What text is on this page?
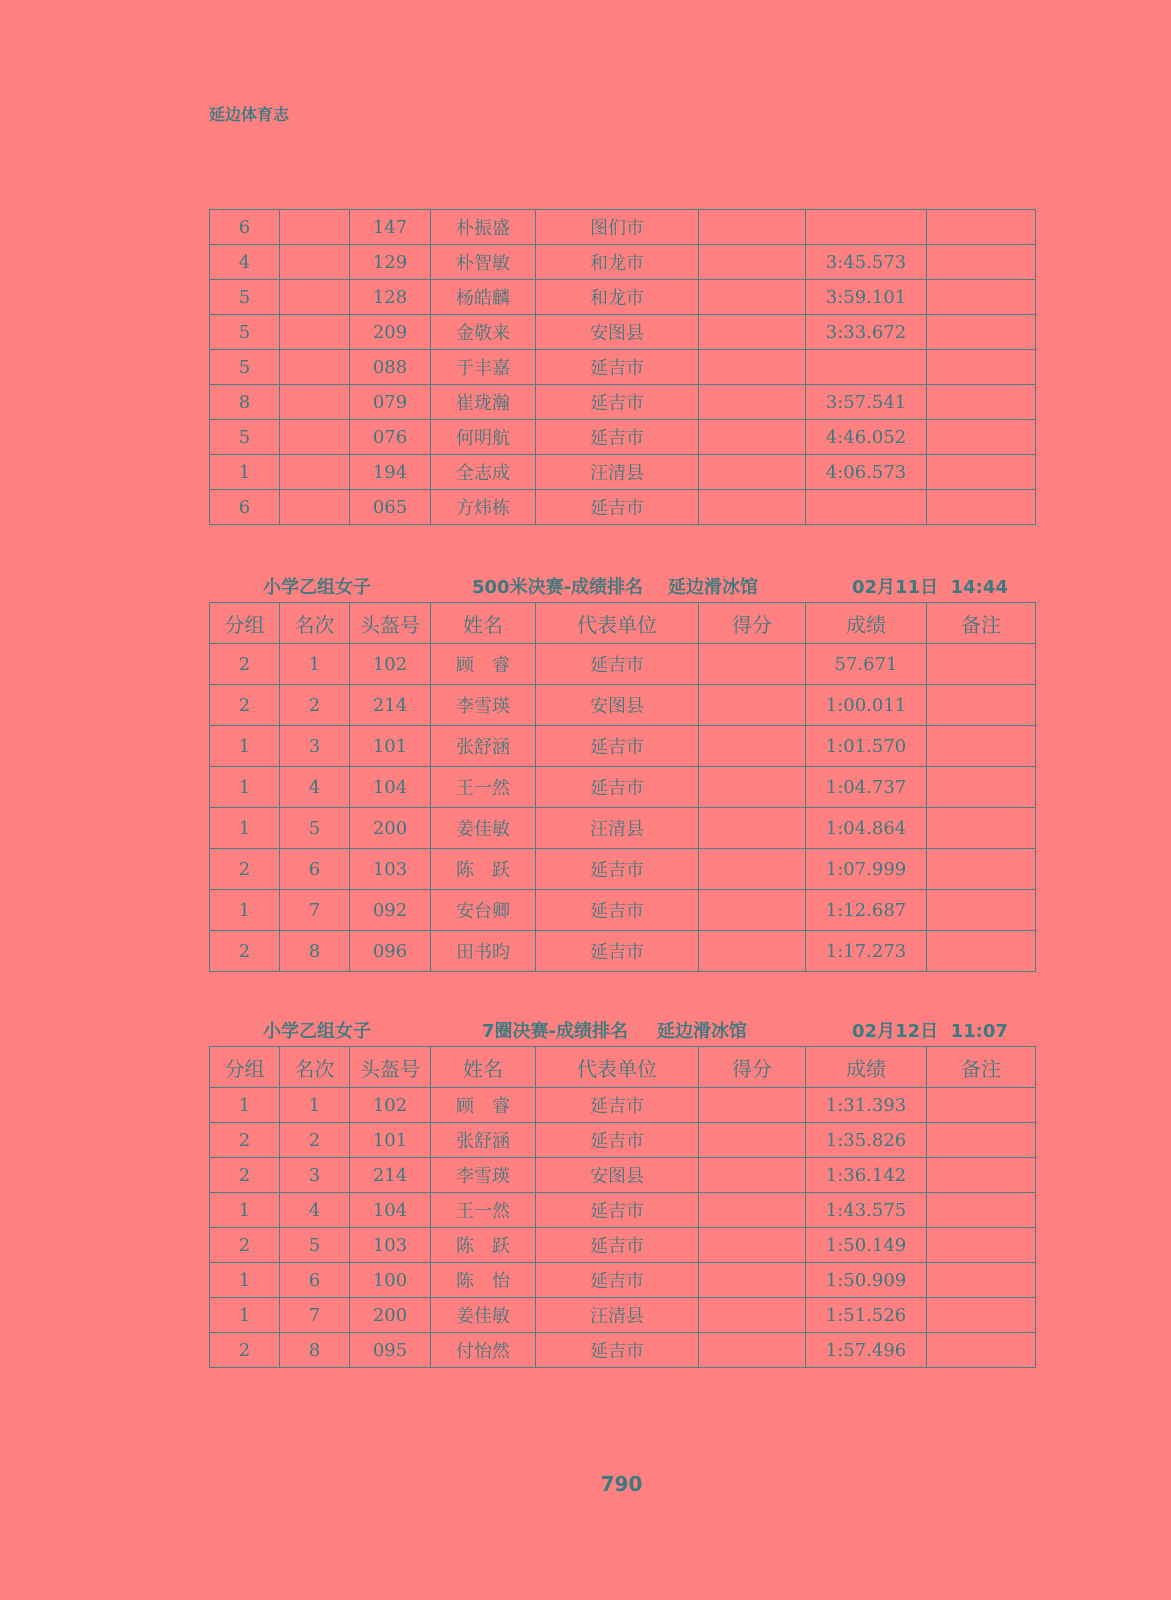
延边体育志
6		147	朴振盛	图们市			
4		129	朴智敏	和龙市		3:45.573	
5		128	杨皓麟	和龙市		3:59.101	
5		209	金敬来	安图县		3:33.672	
5		088	于丰嘉	延吉市			
8		079	崔珑瀚	延吉市		3:57.541	
5		076	何明航	延吉市		4:46.052	
1		194	全志成	汪清县		4:06.573	
6		065	方炜栋	延吉市			
小学乙组女子	500米决赛-成绩排名 延边滑冰馆	02月11日  14:44
分组	名次	头盔号	姓名	代表单位	得分	成绩	备注
2	1	102	顾　睿	延吉市		57.671	
2	2	214	李雪瑛	安图县		1:00.011	
1	3	101	张舒涵	延吉市		1:01.570	
1	4	104	王一然	延吉市		1:04.737	
1	5	200	姜佳敏	汪清县		1:04.864	
2	6	103	陈　跃	延吉市		1:07.999	
1	7	092	安台卿	延吉市		1:12.687	
2	8	096	田书昀	延吉市		1:17.273	
小学乙组女子	7圈决赛-成绩排名 延边滑冰馆	02月12日  11:07
分组	名次	头盔号	姓名	代表单位	得分	成绩	备注
1	1	102	顾　睿	延吉市		1:31.393	
2	2	101	张舒涵	延吉市		1:35.826	
2	3	214	李雪瑛	安图县		1:36.142	
1	4	104	王一然	延吉市		1:43.575	
2	5	103	陈　跃	延吉市		1:50.149	
1	6	100	陈　怡	延吉市		1:50.909	
1	7	200	姜佳敏	汪清县		1:51.526	
2	8	095	付怡然	延吉市		1:57.496	
790
